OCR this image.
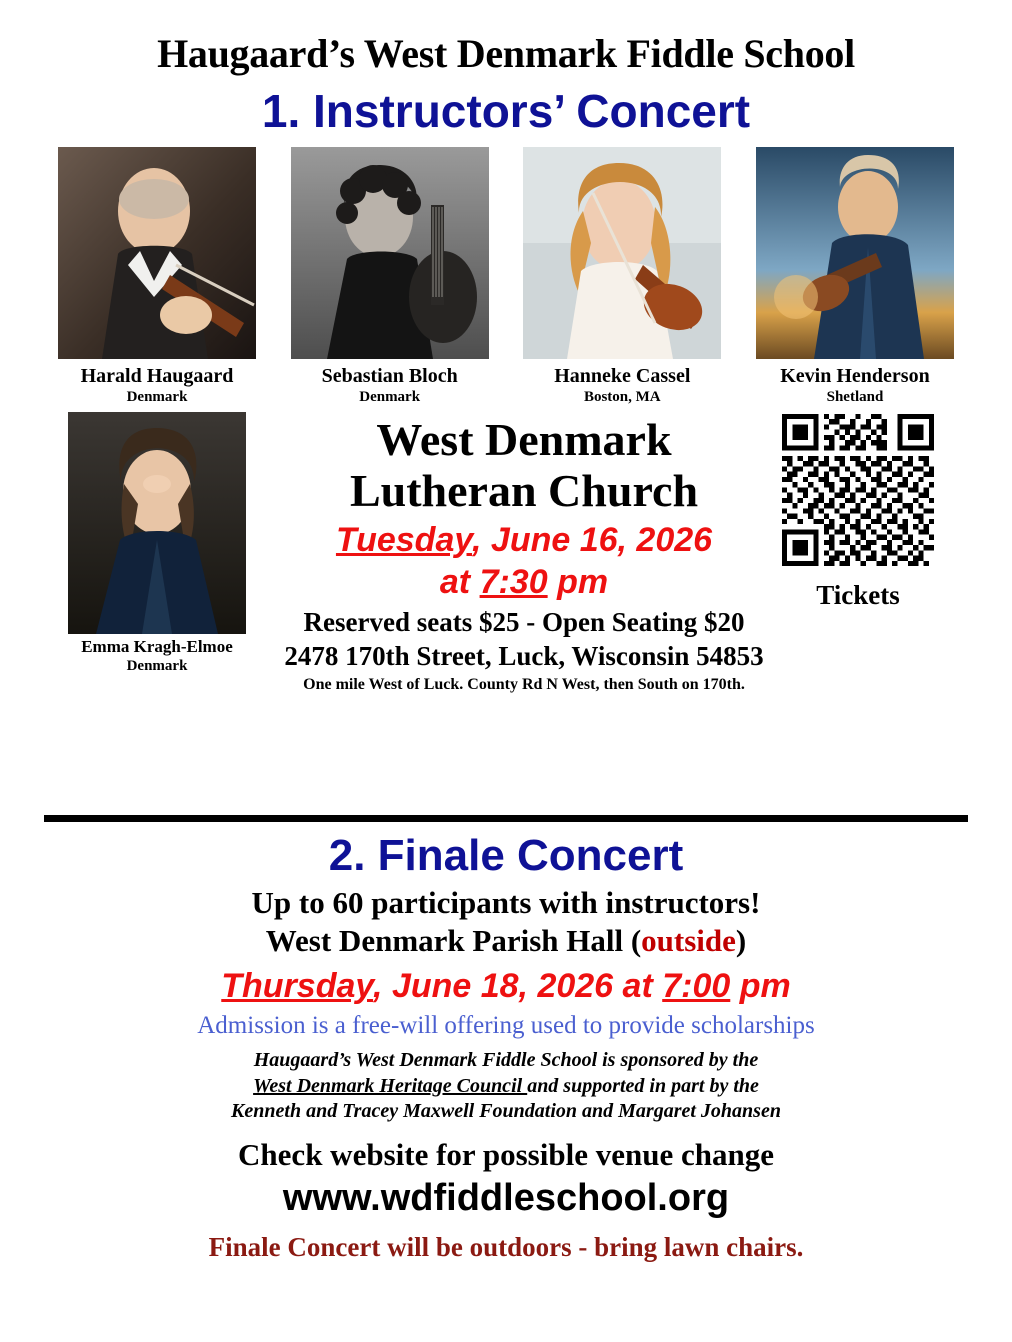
Haugaard’s West Denmark Fiddle School
1. Instructors’ Concert
Harald Haugaard
Denmark
Sebastian Bloch
Denmark
Hanneke Cassel
Boston, MA
Kevin Henderson
Shetland
Emma Kragh-Elmoe
Denmark
West Denmark
Lutheran Church
Tuesday, June 16, 2026
at 7:30 pm
Reserved seats $25 - Open Seating $20
2478 170th Street, Luck, Wisconsin 54853
One mile West of Luck. County Rd N West, then South on 170th.
Tickets
2. Finale Concert
Up to 60 participants with instructors!
West Denmark Parish Hall (outside)
Thursday, June 18, 2026 at 7:00 pm
Admission is a free-will offering used to provide scholarships
Haugaard’s West Denmark Fiddle School is sponsored by the
West Denmark Heritage Council and supported in part by the
Kenneth and Tracey Maxwell Foundation and Margaret Johansen
Check website for possible venue change
www.wdfiddleschool.org
Finale Concert will be outdoors - bring lawn chairs.
